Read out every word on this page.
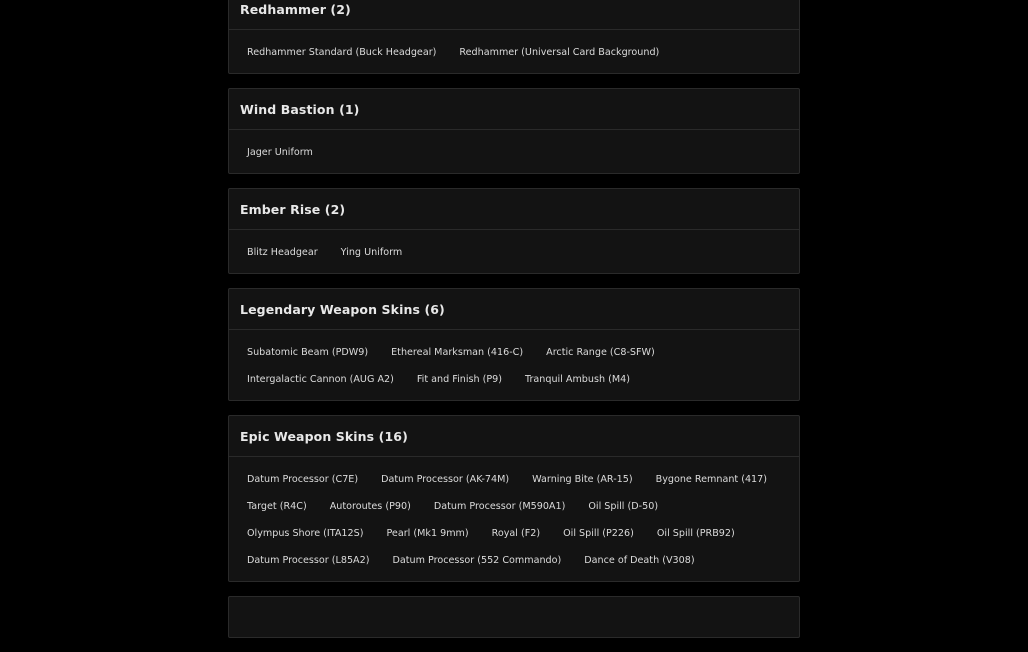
Redhammer (2)
Redhammer Standard (Buck Headgear)	Redhammer (Universal Card Background)
Wind Bastion (1)
Jager Uniform
Ember Rise (2)
Blitz Headgear	Ying Uniform
Legendary Weapon Skins (6)
Subatomic Beam (PDW9)	Ethereal Marksman (416-C)	Arctic Range (C8-SFW)
Intergalactic Cannon (AUG A2)	Fit and Finish (P9)	Tranquil Ambush (M4)
Epic Weapon Skins (16)
Datum Processor (C7E)	Datum Processor (AK-74M)	Warning Bite (AR-15)	Bygone Remnant (417)
Target (R4C)	Autoroutes (P90)	Datum Processor (M590A1)	Oil Spill (D-50)
Olympus Shore (ITA12S)	Pearl (Mk1 9mm)	Royal (F2)	Oil Spill (P226)	Oil Spill (PRB92)
Datum Processor (L85A2)	Datum Processor (552 Commando)	Dance of Death (V308)
